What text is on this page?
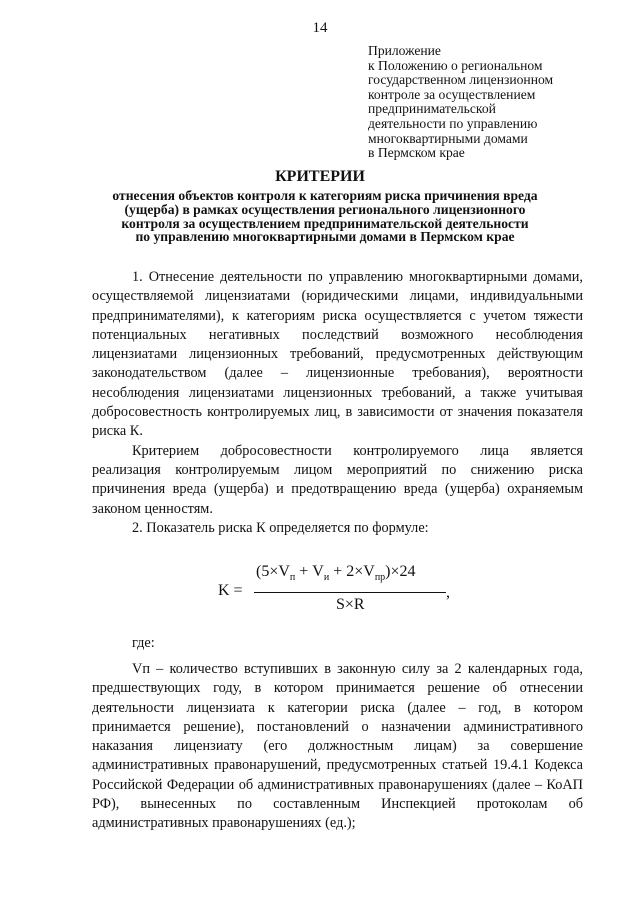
14
Приложение
к Положению о региональном
государственном лицензионном
контроле за осуществлением
предпринимательской
деятельности по управлению
многоквартирными домами
в Пермском крае
КРИТЕРИИ
отнесения объектов контроля к категориям риска причинения вреда
(ущерба) в рамках осуществления регионального лицензионного
контроля за осуществлением предпринимательской деятельности
по управлению многоквартирными домами в Пермском крае

1. Отнесение деятельности по управлению многоквартирными домами, осуществляемой лицензиатами (юридическими лицами, индивидуальными предпринимателями), к категориям риска осуществляется с учетом тяжести потенциальных негативных последствий возможного несоблюдения лицензиатами лицензионных требований, предусмотренных действующим законодательством (далее – лицензионные требования), вероятности несоблюдения лицензиатами лицензионных требований, а также учитывая добросовестность контролируемых лиц, в зависимости от значения показателя риска К.

Критерием добросовестности контролируемого лица является реализация контролируемым лицом мероприятий по снижению риска причинения вреда (ущерба) и предотвращению вреда (ущерба) охраняемым законом ценностям.

2. Показатель риска К определяется по формуле:

K =
$(5\times V_п + V_и + 2\times V_{пр})\times 24$
S×R
,
где:

Vп – количество вступивших в законную силу за 2 календарных года, предшествующих году, в котором принимается решение об отнесении деятельности лицензиата к категории риска (далее – год, в котором принимается решение), постановлений о назначении административного наказания лицензиату (его должностным лицам) за совершение административных правонарушений, предусмотренных статьей 19.4.1 Кодекса Российской Федерации об административных правонарушениях (далее – КоАП РФ), вынесенных по составленным Инспекцией протоколам об административных правонарушениях (ед.);
